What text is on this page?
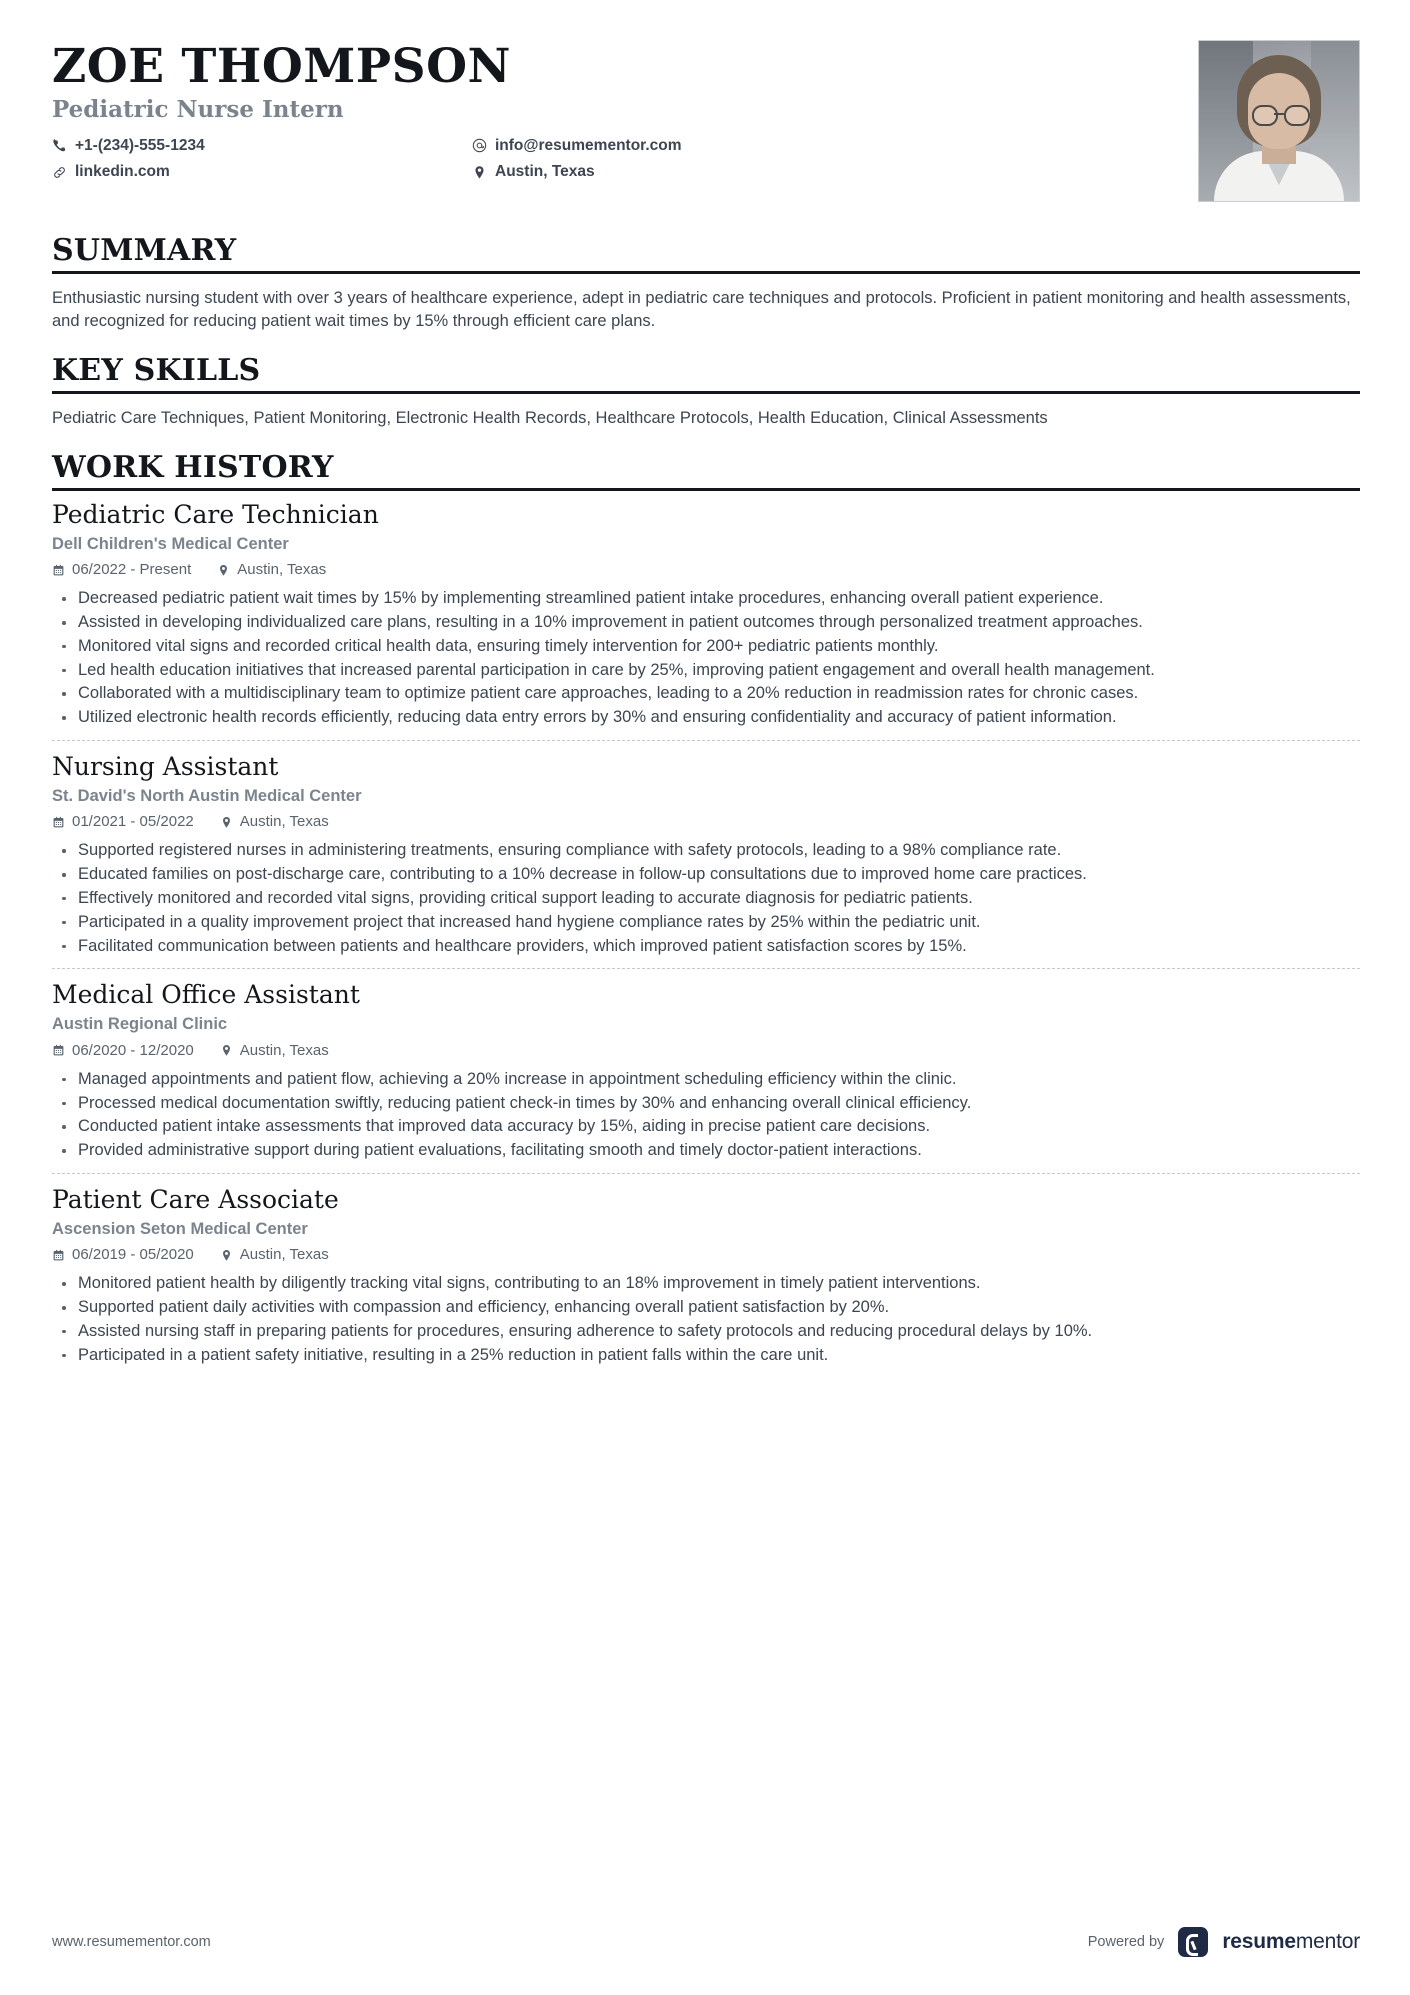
ZOE THOMPSON
Pediatric Nurse Intern
+1-(234)-555-1234	info@resumementor.com
linkedin.com	Austin, Texas
SUMMARY
Enthusiastic nursing student with over 3 years of healthcare experience, adept in pediatric care techniques and protocols. Proficient in patient monitoring and health assessments, and recognized for reducing patient wait times by 15% through efficient care plans.
KEY SKILLS
Pediatric Care Techniques, Patient Monitoring, Electronic Health Records, Healthcare Protocols, Health Education, Clinical Assessments
WORK HISTORY
Pediatric Care Technician
Dell Children's Medical Center
06/2022 - Present	Austin, Texas
Decreased pediatric patient wait times by 15% by implementing streamlined patient intake procedures, enhancing overall patient experience.
Assisted in developing individualized care plans, resulting in a 10% improvement in patient outcomes through personalized treatment approaches.
Monitored vital signs and recorded critical health data, ensuring timely intervention for 200+ pediatric patients monthly.
Led health education initiatives that increased parental participation in care by 25%, improving patient engagement and overall health management.
Collaborated with a multidisciplinary team to optimize patient care approaches, leading to a 20% reduction in readmission rates for chronic cases.
Utilized electronic health records efficiently, reducing data entry errors by 30% and ensuring confidentiality and accuracy of patient information.
Nursing Assistant
St. David's North Austin Medical Center
01/2021 - 05/2022	Austin, Texas
Supported registered nurses in administering treatments, ensuring compliance with safety protocols, leading to a 98% compliance rate.
Educated families on post-discharge care, contributing to a 10% decrease in follow-up consultations due to improved home care practices.
Effectively monitored and recorded vital signs, providing critical support leading to accurate diagnosis for pediatric patients.
Participated in a quality improvement project that increased hand hygiene compliance rates by 25% within the pediatric unit.
Facilitated communication between patients and healthcare providers, which improved patient satisfaction scores by 15%.
Medical Office Assistant
Austin Regional Clinic
06/2020 - 12/2020	Austin, Texas
Managed appointments and patient flow, achieving a 20% increase in appointment scheduling efficiency within the clinic.
Processed medical documentation swiftly, reducing patient check-in times by 30% and enhancing overall clinical efficiency.
Conducted patient intake assessments that improved data accuracy by 15%, aiding in precise patient care decisions.
Provided administrative support during patient evaluations, facilitating smooth and timely doctor-patient interactions.
Patient Care Associate
Ascension Seton Medical Center
06/2019 - 05/2020	Austin, Texas
Monitored patient health by diligently tracking vital signs, contributing to an 18% improvement in timely patient interventions.
Supported patient daily activities with compassion and efficiency, enhancing overall patient satisfaction by 20%.
Assisted nursing staff in preparing patients for procedures, ensuring adherence to safety protocols and reducing procedural delays by 10%.
Participated in a patient safety initiative, resulting in a 25% reduction in patient falls within the care unit.
www.resumementor.com	Powered by	resumementor
